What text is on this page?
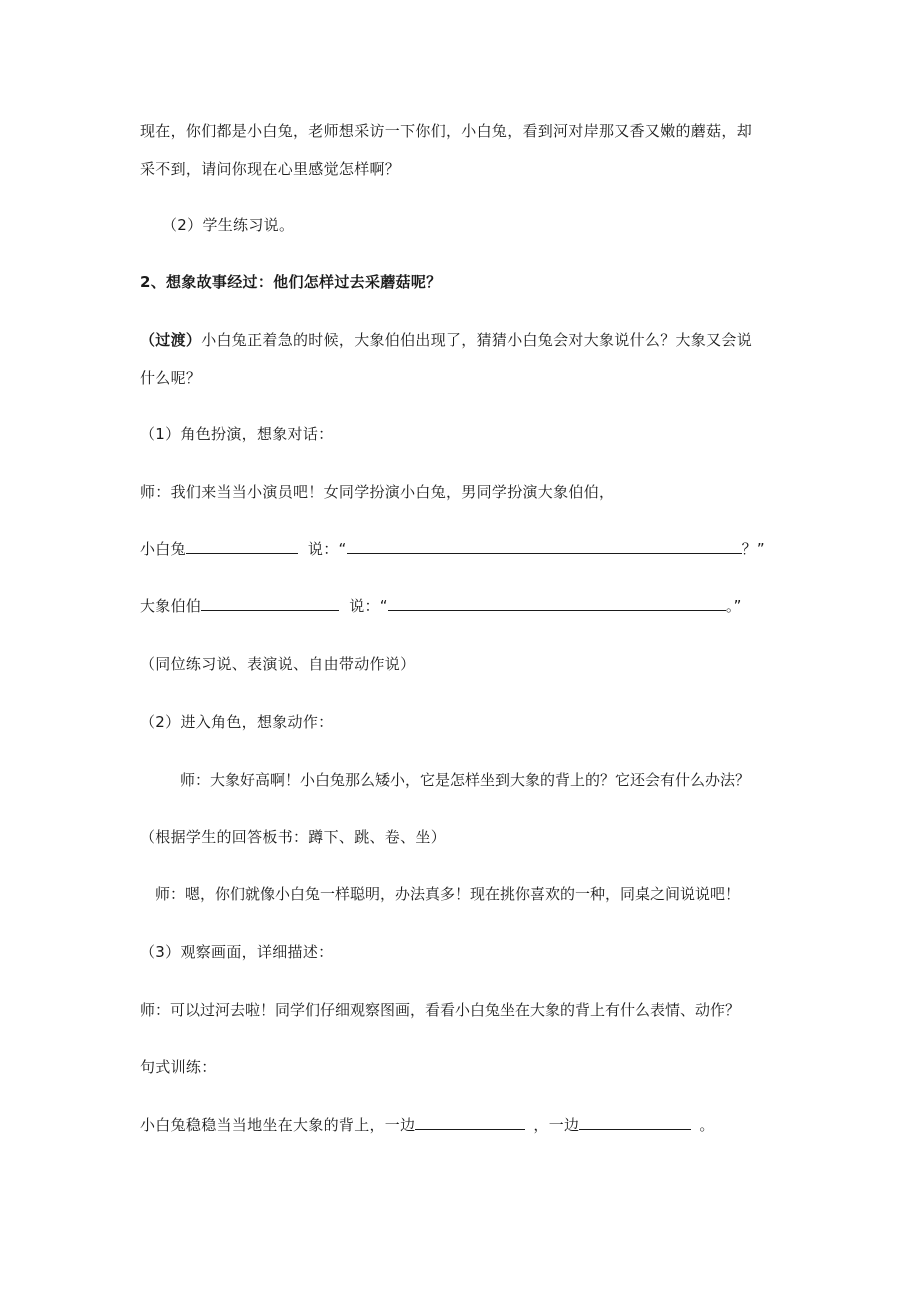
现在，你们都是小白兔，老师想采访一下你们，小白兔，看到河对岸那又香又嫩的蘑菇，却
采不到，请问你现在心里感觉怎样啊？
（2）学生练习说。
2、想象故事经过：他们怎样过去采蘑菇呢？
（过渡）小白兔正着急的时候，大象伯伯出现了，猜猜小白兔会对大象说什么？大象又会说
什么呢？
（1）角色扮演，想象对话：
师：我们来当当小演员吧！女同学扮演小白兔，男同学扮演大象伯伯，
小白兔	说：“	？”
大象伯伯	说：“	。”
（同位练习说、表演说、自由带动作说）
（2）进入角色，想象动作：
师：大象好高啊！小白兔那么矮小，它是怎样坐到大象的背上的？它还会有什么办法？
（根据学生的回答板书：蹲下、跳、卷、坐）
师：嗯，你们就像小白兔一样聪明，办法真多！现在挑你喜欢的一种，同桌之间说说吧！
（3）观察画面，详细描述：
师：可以过河去啦！同学们仔细观察图画，看看小白兔坐在大象的背上有什么表情、动作？
句式训练：
小白兔稳稳当当地坐在大象的背上，一边	，一边	。
